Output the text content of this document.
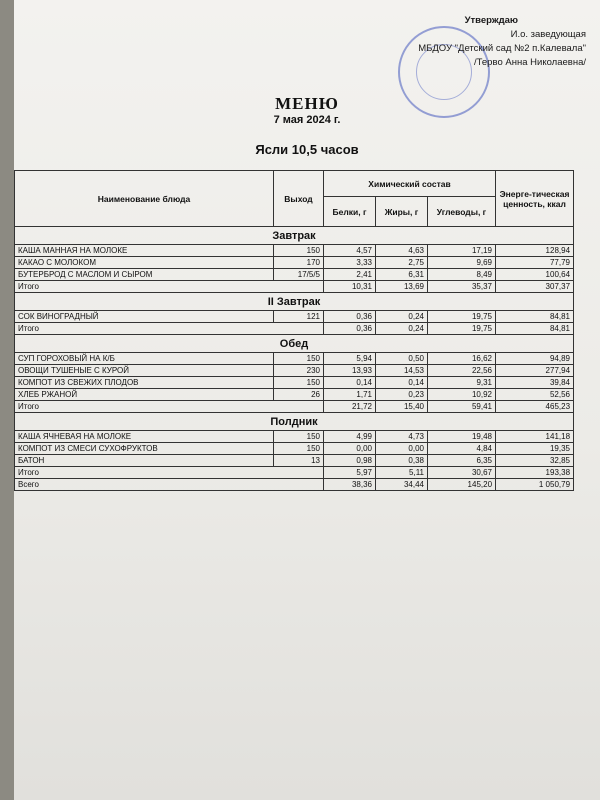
Утверждаю
И.о. заведующая
МБДОУ "Детский сад №2 п.Калевала"
/Тервo Анна Николаевна/
МЕНЮ
7 мая 2024 г.
Ясли 10,5 часов
Наименование блюда	Выход	Химический состав			Энерге-тическая ценность, ккал
		Белки, г	Жиры, г	Углеводы, г	
Завтрак					
КАША МАННАЯ НА МОЛОКЕ	150	4,57	4,63	17,19	128,94
КАКАО С МОЛОКОМ	170	3,33	2,75	9,69	77,79
БУТЕРБРОД С МАСЛОМ И СЫРОМ	17/5/5	2,41	6,31	8,49	100,64
Итого		10,31	13,69	35,37	307,37
II Завтрак					
СОК ВИНОГРАДНЫЙ	121	0,36	0,24	19,75	84,81
Итого		0,36	0,24	19,75	84,81
Обед					
СУП ГОРОХОВЫЙ НА К/Б	150	5,94	0,50	16,62	94,89
ОВОЩИ ТУШЕНЫЕ С КУРОЙ	230	13,93	14,53	22,56	277,94
КОМПОТ ИЗ СВЕЖИХ ПЛОДОВ	150	0,14	0,14	9,31	39,84
ХЛЕБ РЖАНОЙ	26	1,71	0,23	10,92	52,56
Итого		21,72	15,40	59,41	465,23
Полдник					
КАША ЯЧНЕВАЯ НА МОЛОКЕ	150	4,99	4,73	19,48	141,18
КОМПОТ ИЗ СМЕСИ СУХОФРУКТОВ	150	0,00	0,00	4,84	19,35
БАТОН	13	0,98	0,38	6,35	32,85
Итого		5,97	5,11	30,67	193,38
Всего		38,36	34,44	145,20	1 050,79
